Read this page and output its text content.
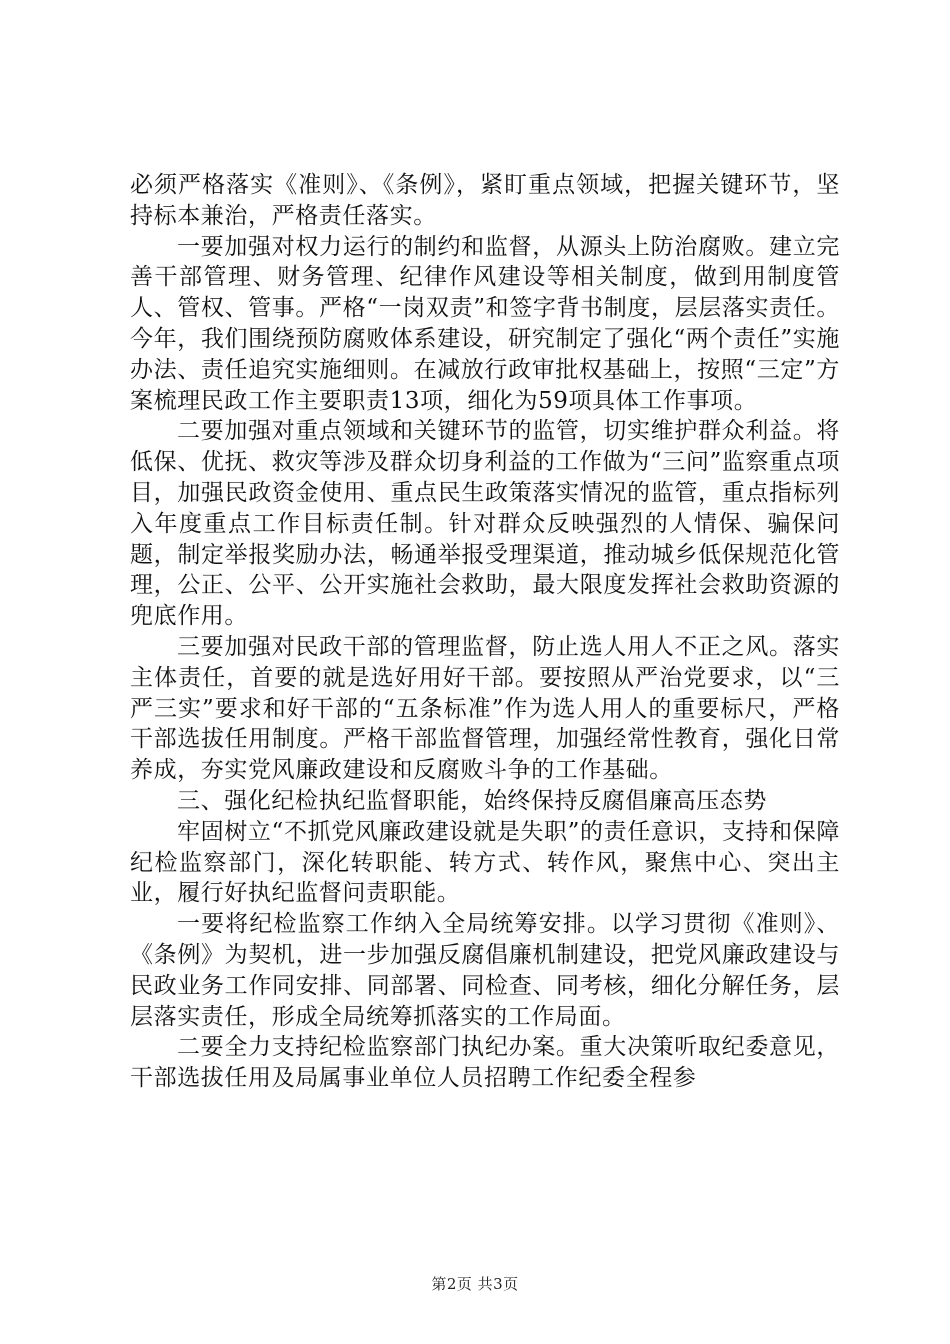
必须严格落实《准则》、《条例》，紧盯重点领域，把握关键环节，坚持标本兼治，严格责任落实。

一要加强对权力运行的制约和监督，从源头上防治腐败。建立完善干部管理、财务管理、纪律作风建设等相关制度，做到用制度管人、管权、管事。严格“一岗双责”和签字背书制度，层层落实责任。今年，我们围绕预防腐败体系建设，研究制定了强化“两个责任”实施办法、责任追究实施细则。在减放行政审批权基础上，按照“三定”方案梳理民政工作主要职责13项，细化为59项具体工作事项。

二要加强对重点领域和关键环节的监管，切实维护群众利益。将低保、优抚、救灾等涉及群众切身利益的工作做为“三问”监察重点项目，加强民政资金使用、重点民生政策落实情况的监管，重点指标列入年度重点工作目标责任制。针对群众反映强烈的人情保、骗保问题，制定举报奖励办法，畅通举报受理渠道，推动城乡低保规范化管理，公正、公平、公开实施社会救助，最大限度发挥社会救助资源的兜底作用。

三要加强对民政干部的管理监督，防止选人用人不正之风。落实主体责任，首要的就是选好用好干部。要按照从严治党要求，以“三严三实”要求和好干部的“五条标准”作为选人用人的重要标尺，严格干部选拔任用制度。严格干部监督管理，加强经常性教育，强化日常养成，夯实党风廉政建设和反腐败斗争的工作基础。

三、强化纪检执纪监督职能，始终保持反腐倡廉高压态势

牢固树立“不抓党风廉政建设就是失职”的责任意识，支持和保障纪检监察部门，深化转职能、转方式、转作风，聚焦中心、突出主业，履行好执纪监督问责职能。

一要将纪检监察工作纳入全局统筹安排。以学习贯彻《准则》、《条例》为契机，进一步加强反腐倡廉机制建设，把党风廉政建设与民政业务工作同安排、同部署、同检查、同考核，细化分解任务，层层落实责任，形成全局统筹抓落实的工作局面。

二要全力支持纪检监察部门执纪办案。重大决策听取纪委意见，干部选拔任用及局属事业单位人员招聘工作纪委全程参

第2页 共3页
